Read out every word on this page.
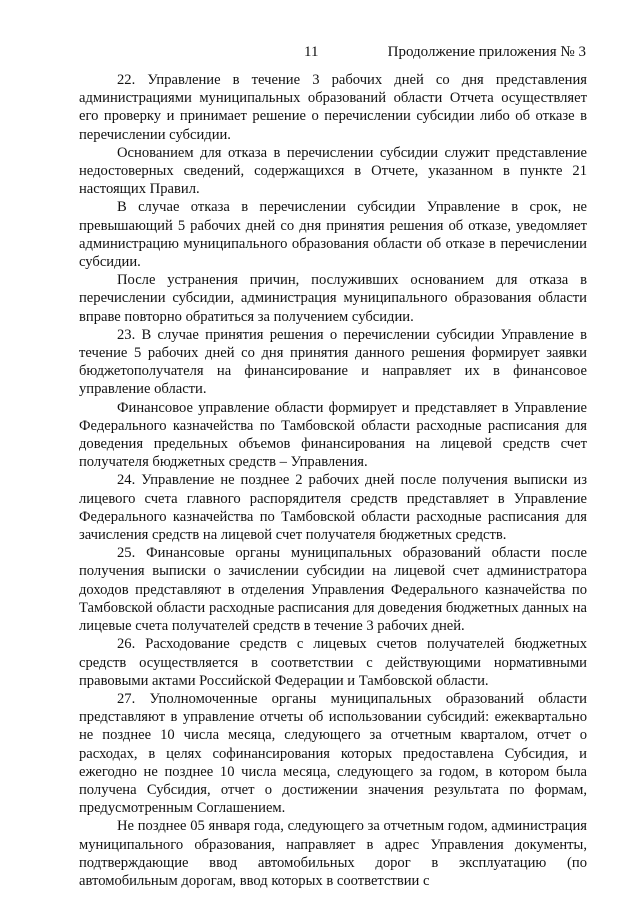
11	Продолжение приложения № 3

22. Управление в течение 3 рабочих дней со дня представления администрациями муниципальных образований области Отчета осуществляет его проверку и принимает решение о перечислении субсидии либо об отказе в перечислении субсидии.

Основанием для отказа в перечислении субсидии служит представление недостоверных сведений, содержащихся в Отчете, указанном в пункте 21 настоящих Правил.

В случае отказа в перечислении субсидии Управление в срок, не превышающий 5 рабочих дней со дня принятия решения об отказе, уведомляет администрацию муниципального образования области об отказе в перечислении субсидии.

После устранения причин, послуживших основанием для отказа в перечислении субсидии, администрация муниципального образования области вправе повторно обратиться за получением субсидии.

23. В случае принятия решения о перечислении субсидии Управление в течение 5 рабочих дней со дня принятия данного решения формирует заявки бюджетополучателя на финансирование и направляет их в финансовое управление области.

Финансовое управление области формирует и представляет в Управление Федерального казначейства по Тамбовской области расходные расписания для доведения предельных объемов финансирования на лицевой средств счет получателя бюджетных средств – Управления.

24. Управление не позднее 2 рабочих дней после получения выписки из лицевого счета главного распорядителя средств представляет в Управление Федерального казначейства по Тамбовской области расходные расписания для зачисления средств на лицевой счет получателя бюджетных средств.

25. Финансовые органы муниципальных образований области после получения выписки о зачислении субсидии на лицевой счет администратора доходов представляют в отделения Управления Федерального казначейства по Тамбовской области расходные расписания для доведения бюджетных данных на лицевые счета получателей средств в течение 3 рабочих дней.

26. Расходование средств с лицевых счетов получателей бюджетных средств осуществляется в соответствии с действующими нормативными правовыми актами Российской Федерации и Тамбовской области.

27. Уполномоченные органы муниципальных образований области представляют в управление отчеты об использовании субсидий: ежеквартально не позднее 10 числа месяца, следующего за отчетным кварталом, отчет о расходах, в целях софинансирования которых предоставлена Субсидия, и ежегодно не позднее 10 числа месяца, следующего за годом, в котором была получена Субсидия, отчет о достижении значения результата по формам, предусмотренным Соглашением.

Не позднее 05 января года, следующего за отчетным годом, администрация муниципального образования, направляет в адрес Управления документы, подтверждающие ввод автомобильных дорог в эксплуатацию (по автомобильным дорогам, ввод которых в соответствии с
